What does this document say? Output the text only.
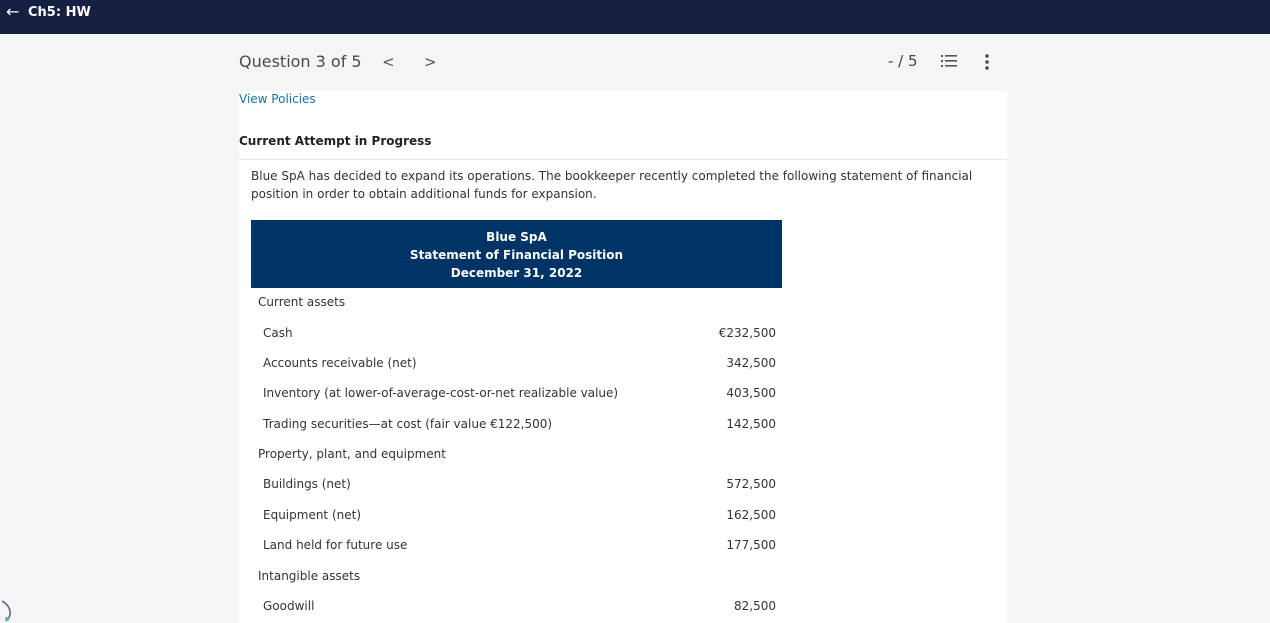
← Ch5: HW
Question 3 of 5 < >	- / 5
View Policies
Current Attempt in Progress
Blue SpA has decided to expand its operations. The bookkeeper recently completed the following statement of financial position in order to obtain additional funds for expansion.
Blue SpA
Statement of Financial Position
December 31, 2022
Current assets
Cash	€232,500
Accounts receivable (net)	342,500
Inventory (at lower-of-average-cost-or-net realizable value)	403,500
Trading securities—at cost (fair value €122,500)	142,500
Property, plant, and equipment
Buildings (net)	572,500
Equipment (net)	162,500
Land held for future use	177,500
Intangible assets
Goodwill	82,500
